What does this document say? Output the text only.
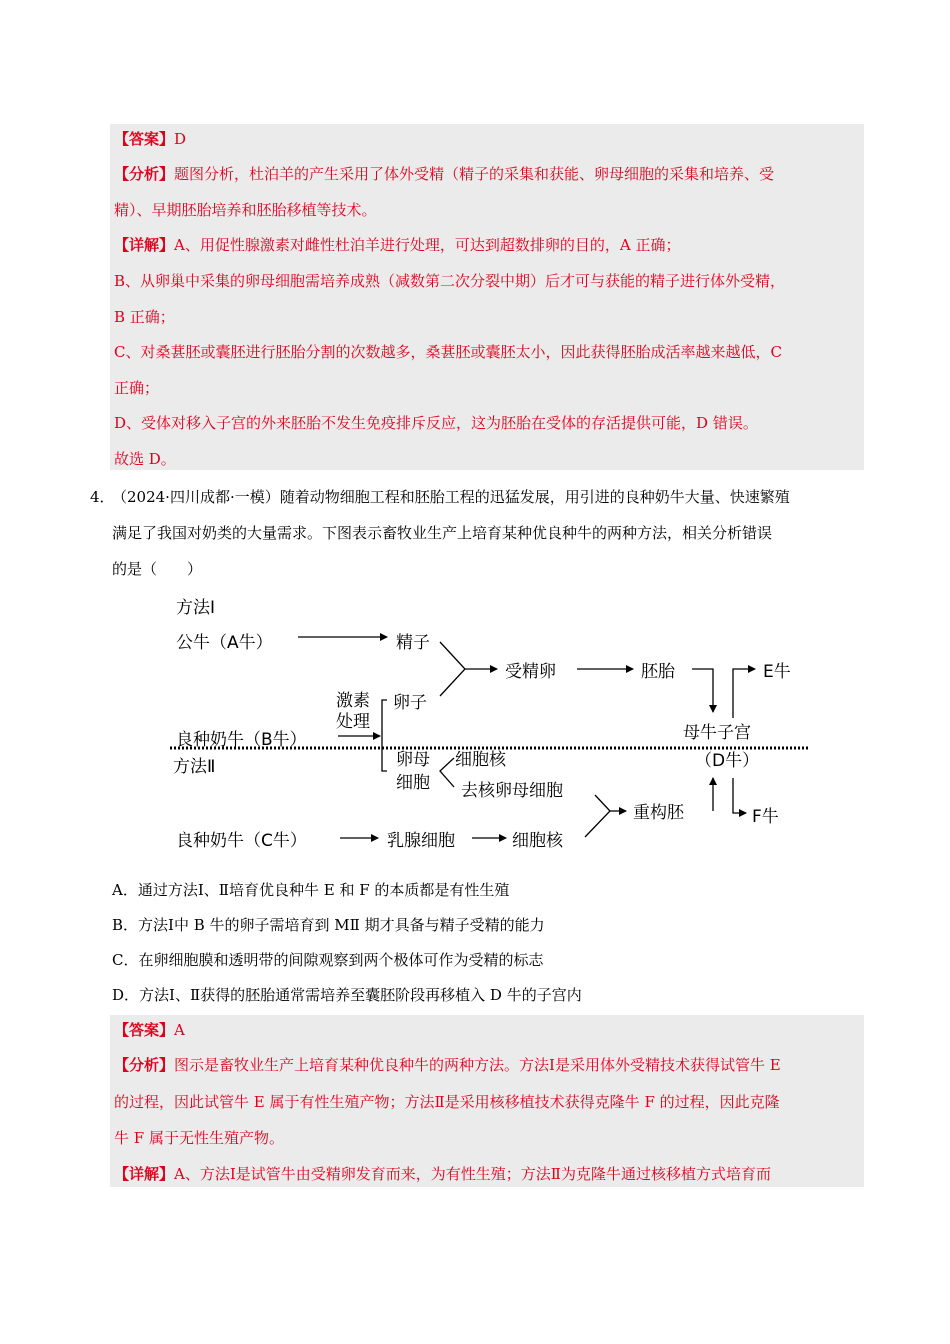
【答案】D
【分析】题图分析，杜泊羊的产生采用了体外受精（精子的采集和获能、卵母细胞的采集和培养、受
精）、早期胚胎培养和胚胎移植等技术。
【详解】A、用促性腺激素对雌性杜泊羊进行处理，可达到超数排卵的目的，A 正确；
B、从卵巢中采集的卵母细胞需培养成熟（减数第二次分裂中期）后才可与获能的精子进行体外受精，
B 正确；
C、对桑葚胚或囊胚进行胚胎分割的次数越多，桑葚胚或囊胚太小，因此获得胚胎成活率越来越低，C
正确；
D、受体对移入子宫的外来胚胎不发生免疫排斥反应，这为胚胎在受体的存活提供可能，D 错误。
故选 D。
4．
（2024·四川成都·一模）随着动物细胞工程和胚胎工程的迅猛发展，用引进的良种奶牛大量、快速繁殖
满足了我国对奶类的大量需求。下图表示畜牧业生产上培育某种优良种牛的两种方法，相关分析错误
的是（　　）
方法Ⅰ
公牛（A牛）	精子
受精卵	胚胎	E牛
激素
处理
卵子
母牛子宫
良种奶牛（B牛）
方法Ⅱ	卵母
细胞
细胞核
去核卵母细胞
（D牛）
重构胚	F牛
良种奶牛（C牛）	乳腺细胞	细胞核
A．通过方法Ⅰ、Ⅱ培育优良种牛 E 和 F 的本质都是有性生殖
B．方法Ⅰ中 B 牛的卵子需培育到 MⅡ 期才具备与精子受精的能力
C．在卵细胞膜和透明带的间隙观察到两个极体可作为受精的标志
D．方法Ⅰ、Ⅱ获得的胚胎通常需培养至囊胚阶段再移植入 D 牛的子宫内
【答案】A
【分析】图示是畜牧业生产上培育某种优良种牛的两种方法。方法Ⅰ是采用体外受精技术获得试管牛 E
的过程，因此试管牛 E 属于有性生殖产物；方法Ⅱ是采用核移植技术获得克隆牛 F 的过程，因此克隆
牛 F 属于无性生殖产物。
【详解】A、方法Ⅰ是试管牛由受精卵发育而来，为有性生殖；方法Ⅱ为克隆牛通过核移植方式培育而
